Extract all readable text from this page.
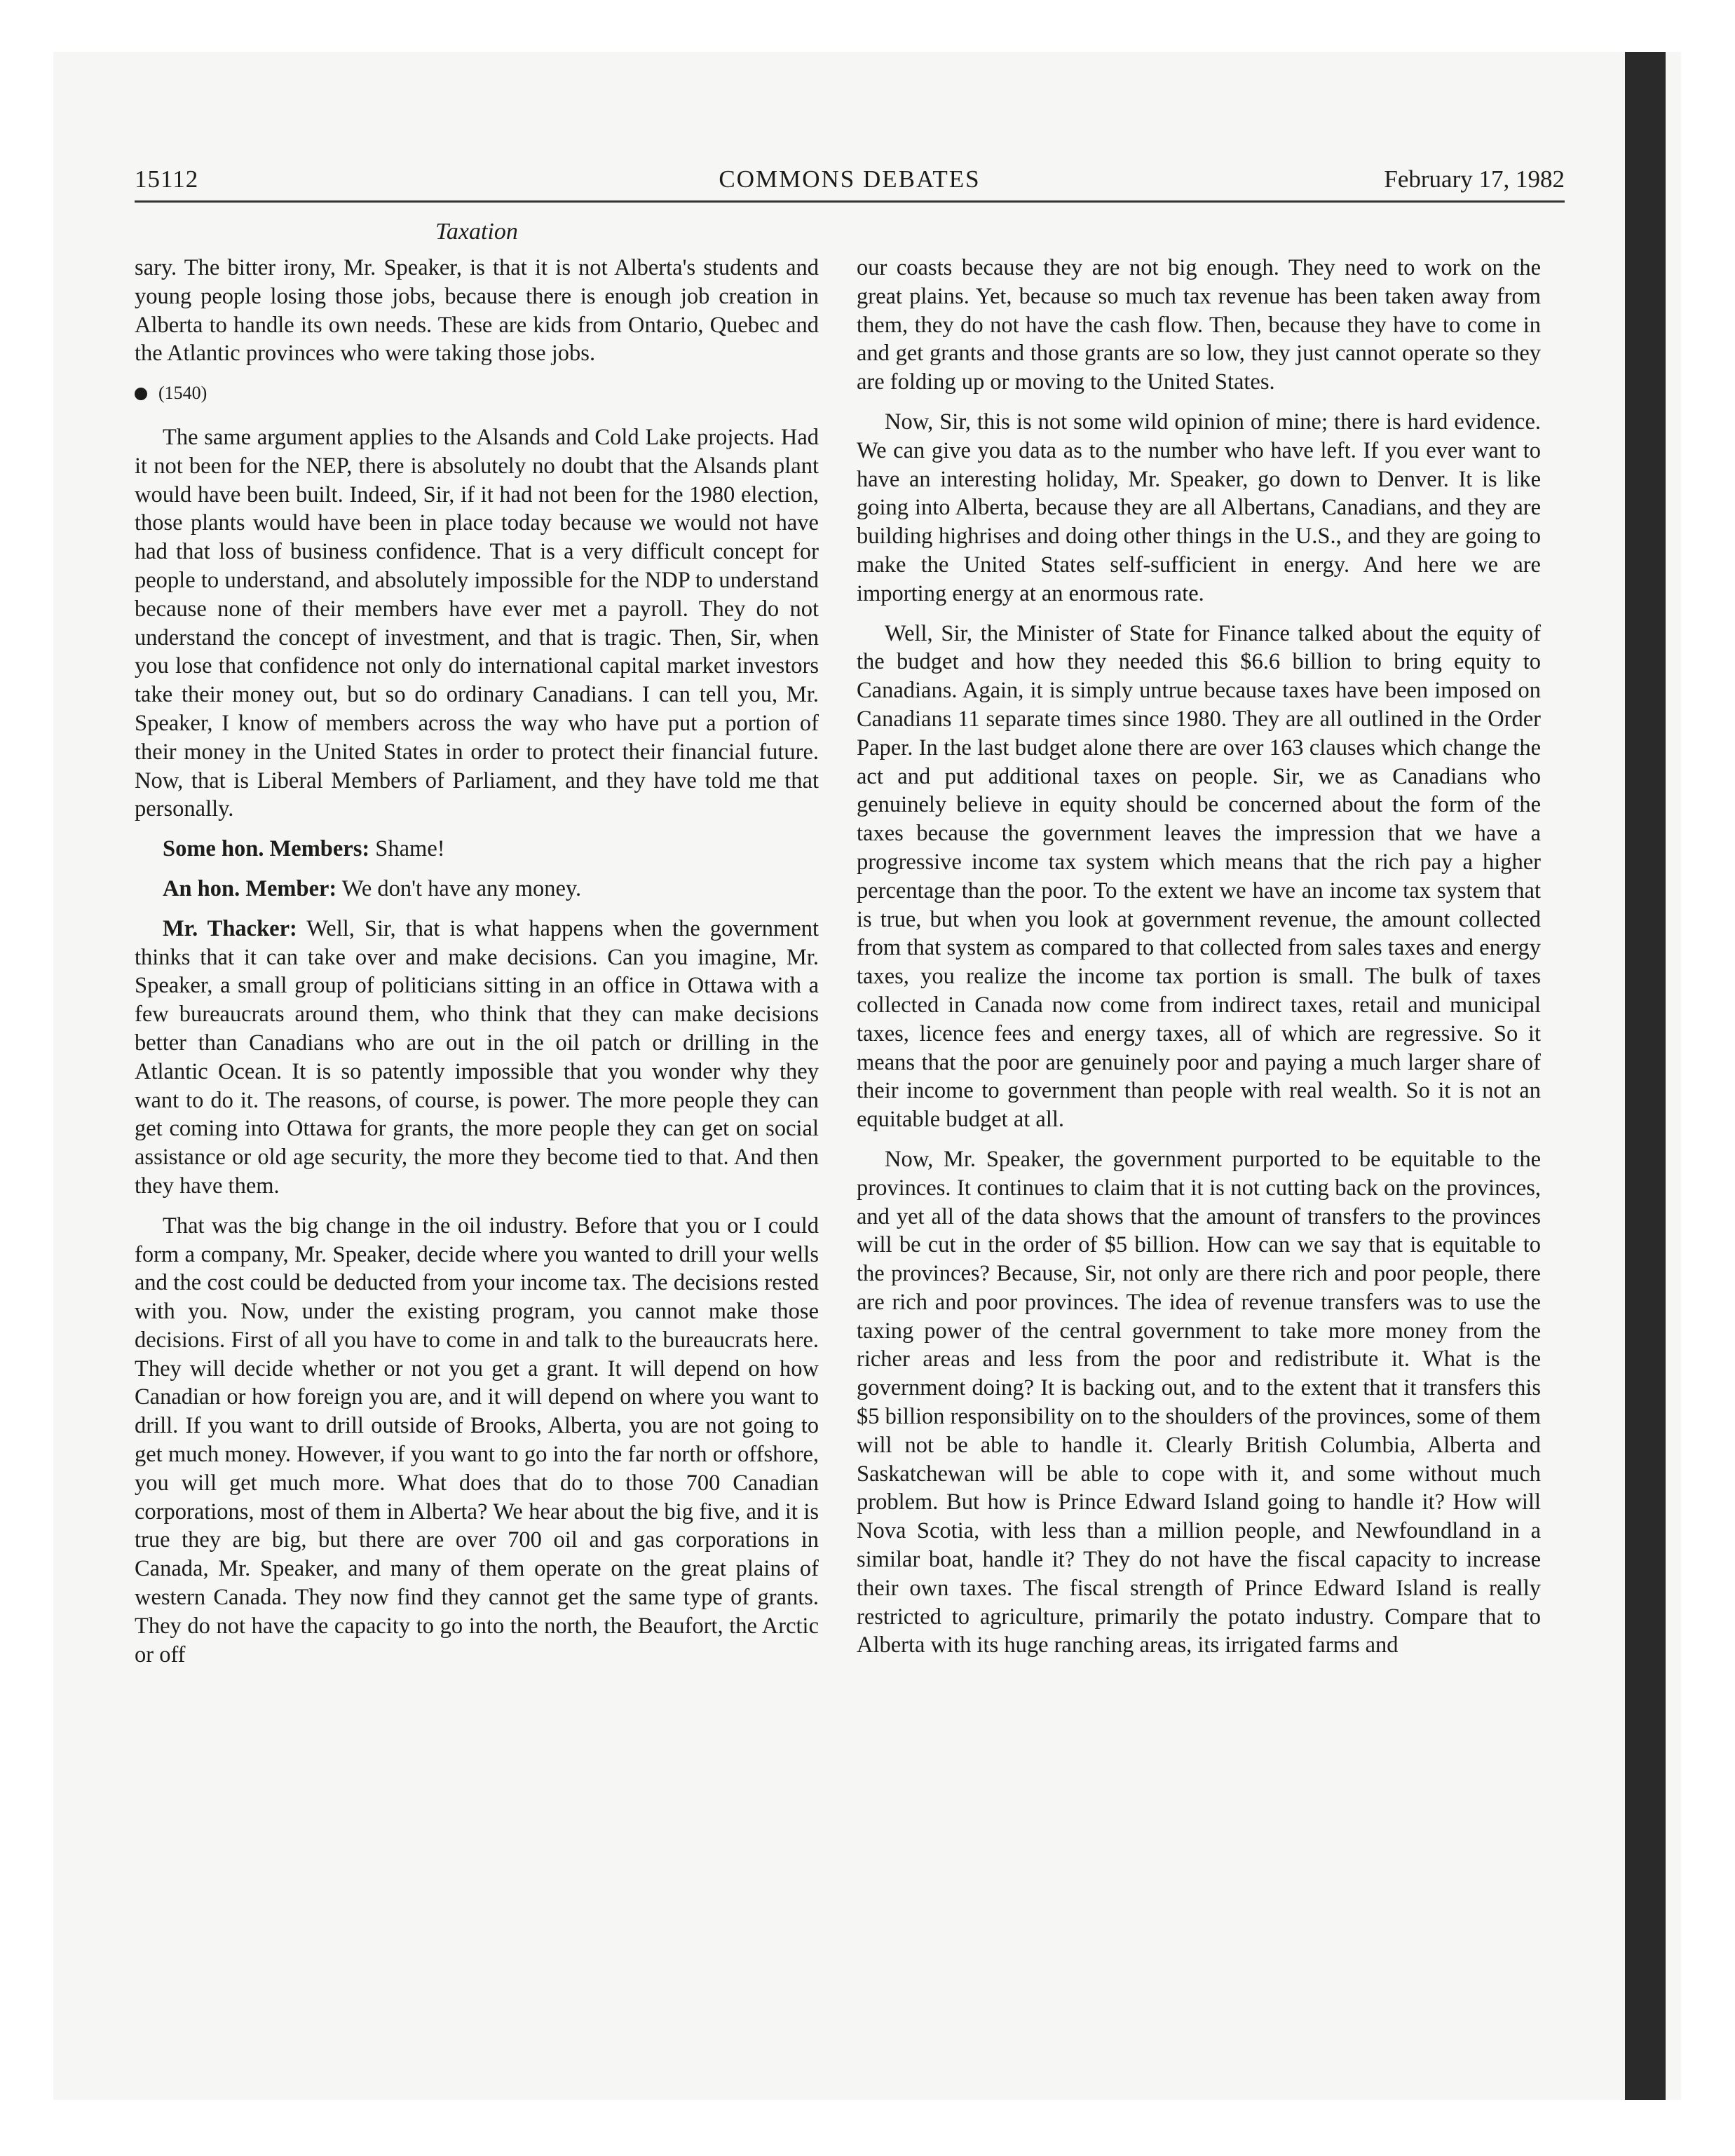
15112	COMMONS DEBATES	February 17, 1982
Taxation

sary. The bitter irony, Mr. Speaker, is that it is not Alberta's students and young people losing those jobs, because there is enough job creation in Alberta to handle its own needs. These are kids from Ontario, Quebec and the Atlantic provinces who were taking those jobs.

(1540)

The same argument applies to the Alsands and Cold Lake projects. Had it not been for the NEP, there is absolutely no doubt that the Alsands plant would have been built. Indeed, Sir, if it had not been for the 1980 election, those plants would have been in place today because we would not have had that loss of business confidence. That is a very difficult concept for people to understand, and absolutely impossible for the NDP to understand because none of their members have ever met a payroll. They do not understand the concept of investment, and that is tragic. Then, Sir, when you lose that confidence not only do international capital market investors take their money out, but so do ordinary Canadians. I can tell you, Mr. Speaker, I know of members across the way who have put a portion of their money in the United States in order to protect their financial future. Now, that is Liberal Members of Parliament, and they have told me that personally.

Some hon. Members: Shame!

An hon. Member: We don't have any money.

Mr. Thacker: Well, Sir, that is what happens when the government thinks that it can take over and make decisions. Can you imagine, Mr. Speaker, a small group of politicians sitting in an office in Ottawa with a few bureaucrats around them, who think that they can make decisions better than Canadians who are out in the oil patch or drilling in the Atlantic Ocean. It is so patently impossible that you wonder why they want to do it. The reasons, of course, is power. The more people they can get coming into Ottawa for grants, the more people they can get on social assistance or old age security, the more they become tied to that. And then they have them.

That was the big change in the oil industry. Before that you or I could form a company, Mr. Speaker, decide where you wanted to drill your wells and the cost could be deducted from your income tax. The decisions rested with you. Now, under the existing program, you cannot make those decisions. First of all you have to come in and talk to the bureaucrats here. They will decide whether or not you get a grant. It will depend on how Canadian or how foreign you are, and it will depend on where you want to drill. If you want to drill outside of Brooks, Alberta, you are not going to get much money. However, if you want to go into the far north or offshore, you will get much more. What does that do to those 700 Canadian corporations, most of them in Alberta? We hear about the big five, and it is true they are big, but there are over 700 oil and gas corporations in Canada, Mr. Speaker, and many of them operate on the great plains of western Canada. They now find they cannot get the same type of grants. They do not have the capacity to go into the north, the Beaufort, the Arctic or off

our coasts because they are not big enough. They need to work on the great plains. Yet, because so much tax revenue has been taken away from them, they do not have the cash flow. Then, because they have to come in and get grants and those grants are so low, they just cannot operate so they are folding up or moving to the United States.

Now, Sir, this is not some wild opinion of mine; there is hard evidence. We can give you data as to the number who have left. If you ever want to have an interesting holiday, Mr. Speaker, go down to Denver. It is like going into Alberta, because they are all Albertans, Canadians, and they are building highrises and doing other things in the U.S., and they are going to make the United States self-sufficient in energy. And here we are importing energy at an enormous rate.

Well, Sir, the Minister of State for Finance talked about the equity of the budget and how they needed this $6.6 billion to bring equity to Canadians. Again, it is simply untrue because taxes have been imposed on Canadians 11 separate times since 1980. They are all outlined in the Order Paper. In the last budget alone there are over 163 clauses which change the act and put additional taxes on people. Sir, we as Canadians who genuinely believe in equity should be concerned about the form of the taxes because the government leaves the impression that we have a progressive income tax system which means that the rich pay a higher percentage than the poor. To the extent we have an income tax system that is true, but when you look at government revenue, the amount collected from that system as compared to that collected from sales taxes and energy taxes, you realize the income tax portion is small. The bulk of taxes collected in Canada now come from indirect taxes, retail and municipal taxes, licence fees and energy taxes, all of which are regressive. So it means that the poor are genuinely poor and paying a much larger share of their income to government than people with real wealth. So it is not an equitable budget at all.

Now, Mr. Speaker, the government purported to be equitable to the provinces. It continues to claim that it is not cutting back on the provinces, and yet all of the data shows that the amount of transfers to the provinces will be cut in the order of $5 billion. How can we say that is equitable to the provinces? Because, Sir, not only are there rich and poor people, there are rich and poor provinces. The idea of revenue transfers was to use the taxing power of the central government to take more money from the richer areas and less from the poor and redistribute it. What is the government doing? It is backing out, and to the extent that it transfers this $5 billion responsibility on to the shoulders of the provinces, some of them will not be able to handle it. Clearly British Columbia, Alberta and Saskatchewan will be able to cope with it, and some without much problem. But how is Prince Edward Island going to handle it? How will Nova Scotia, with less than a million people, and Newfoundland in a similar boat, handle it? They do not have the fiscal capacity to increase their own taxes. The fiscal strength of Prince Edward Island is really restricted to agriculture, primarily the potato industry. Compare that to Alberta with its huge ranching areas, its irrigated farms and
